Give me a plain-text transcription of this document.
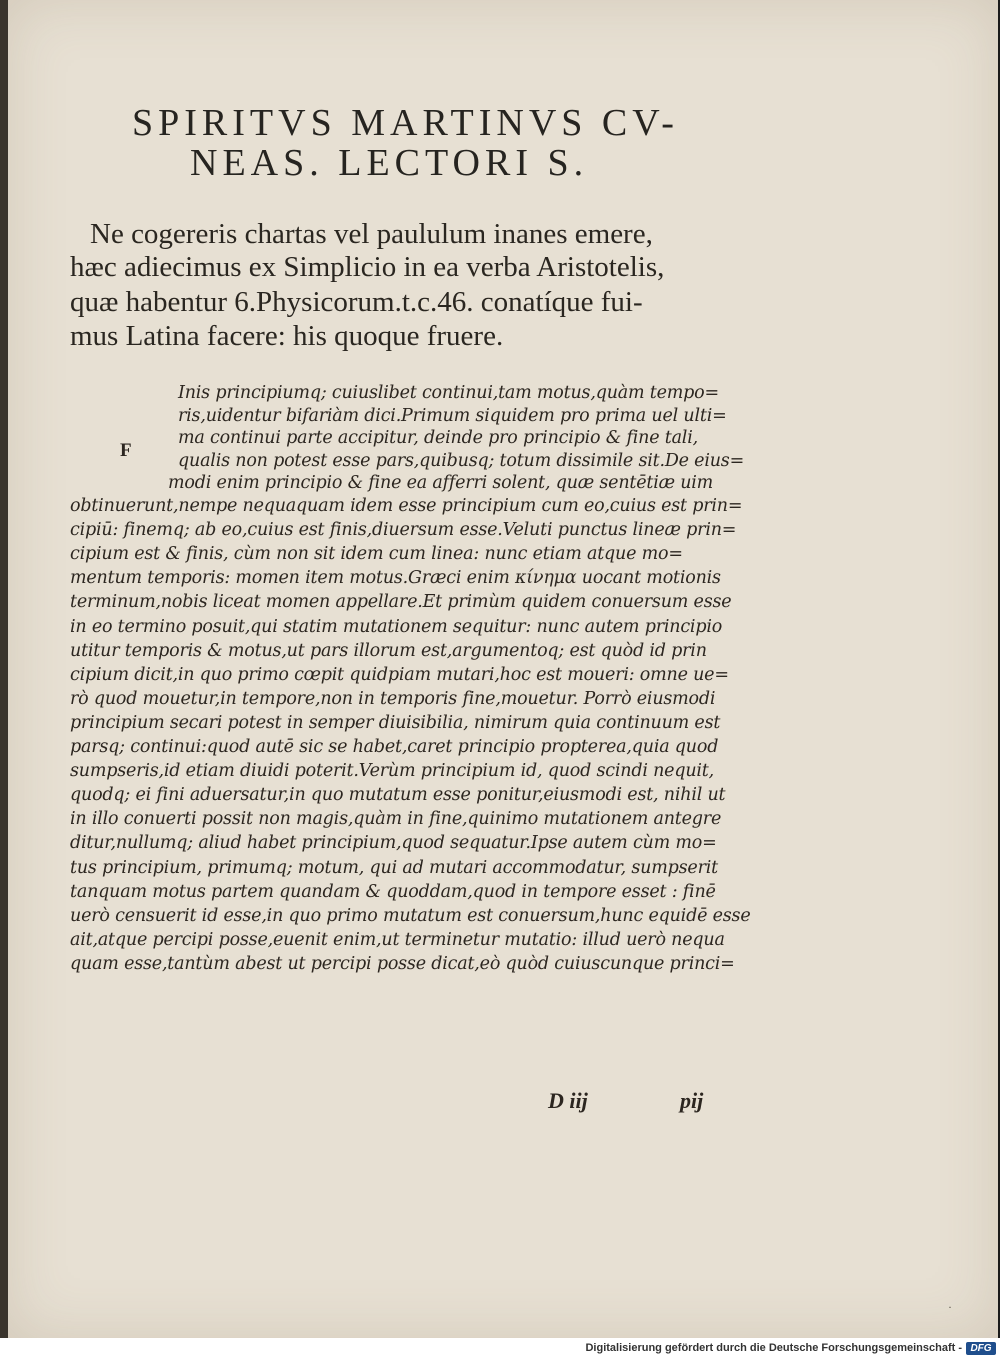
SPIRITVS MARTINVS CV-
NEAS. LECTORI S.
Ne cogereris chartas vel paululum inanes emere,
hæc adiecimus ex Simplicio in ea verba Aristotelis,
quæ habentur 6.Physicorum.t.c.46. conatíque fui-
mus Latina facere: his quoque fruere.
F
Inis principiumq; cuiuslibet continui,tam motus,quàm tempo=
ris,uidentur bifariàm dici.Primum siquidem pro prima uel ulti=
ma continui parte accipitur, deinde pro principio & fine tali,
qualis non potest esse pars,quibusq; totum dissimile sit.De eius=
modi enim principio & fine ea afferri solent, quæ sentētiæ uim
obtinuerunt,nempe nequaquam idem esse principium cum eo,cuius est prin=
cipiū: finemq; ab eo,cuius est finis,diuersum esse.Veluti punctus lineæ prin=
cipium est & finis, cùm non sit idem cum linea: nunc etiam atque mo=
mentum temporis: momen item motus.Græci enim κίνημα uocant motionis
terminum,nobis liceat momen appellare.Et primùm quidem conuersum esse
in eo termino posuit,qui statim mutationem sequitur: nunc autem principio
utitur temporis & motus,ut pars illorum est,argumentoq; est quòd id prin
cipium dicit,in quo primo cœpit quidpiam mutari,hoc est moueri: omne ue=
rò quod mouetur,in tempore,non in temporis fine,mouetur. Porrò eiusmodi
principium secari potest in semper diuisibilia, nimirum quia continuum est
parsq; continui:quod autē sic se habet,caret principio propterea,quia quod
sumpseris,id etiam diuidi poterit.Verùm principium id, quod scindi nequit,
quodq; ei fini aduersatur,in quo mutatum esse ponitur,eiusmodi est, nihil ut
in illo conuerti possit non magis,quàm in fine,quinimo mutationem antegre
ditur,nullumq; aliud habet principium,quod sequatur.Ipse autem cùm mo=
tus principium, primumq; motum, qui ad mutari accommodatur, sumpserit
tanquam motus partem quandam & quoddam,quod in tempore esset : finē
uerò censuerit id esse,in quo primo mutatum est conuersum,hunc equidē esse
ait,atque percipi posse,euenit enim,ut terminetur mutatio: illud uerò nequa
quam esse,tantùm abest ut percipi posse dicat,eò quòd cuiuscunque princi=
D iij	pij
·
Digitalisierung gefördert durch die Deutsche Forschungsgemeinschaft - DFG
